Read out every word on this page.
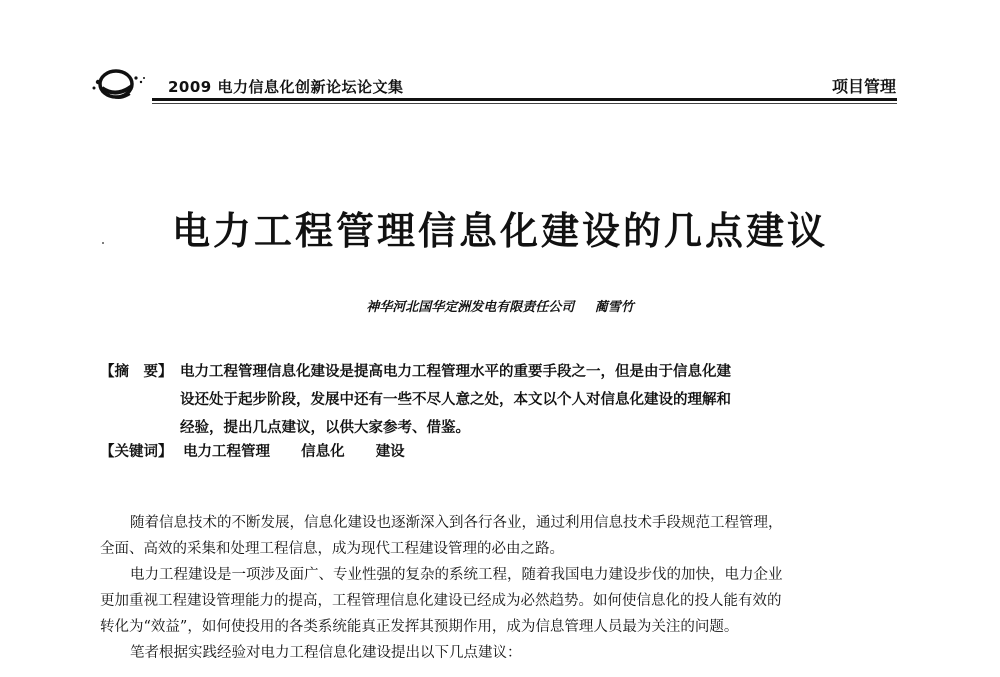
2009 电力信息化创新论坛论文集	项目管理
电力工程管理信息化建设的几点建议
神华河北国华定洲发电有限责任公司 蔺雪竹
【摘　要】 电力工程管理信息化建设是提高电力工程管理水平的重要手段之一，但是由于信息化建
设还处于起步阶段，发展中还有一些不尽人意之处，本文以个人对信息化建设的理解和
经验，提出几点建议，以供大家参考、借鉴。
【关键词】 电力工程管理 信息化 建设
随着信息技术的不断发展，信息化建设也逐渐深入到各行各业，通过利用信息技术手段规范工程管理，
全面、高效的采集和处理工程信息，成为现代工程建设管理的必由之路。
电力工程建设是一项涉及面广、专业性强的复杂的系统工程，随着我国电力建设步伐的加快，电力企业
更加重视工程建设管理能力的提高，工程管理信息化建设已经成为必然趋势。如何使信息化的投人能有效的
转化为“效益”，如何使投用的各类系统能真正发挥其预期作用，成为信息管理人员最为关注的问题。
笔者根据实践经验对电力工程信息化建设提出以下几点建议：
